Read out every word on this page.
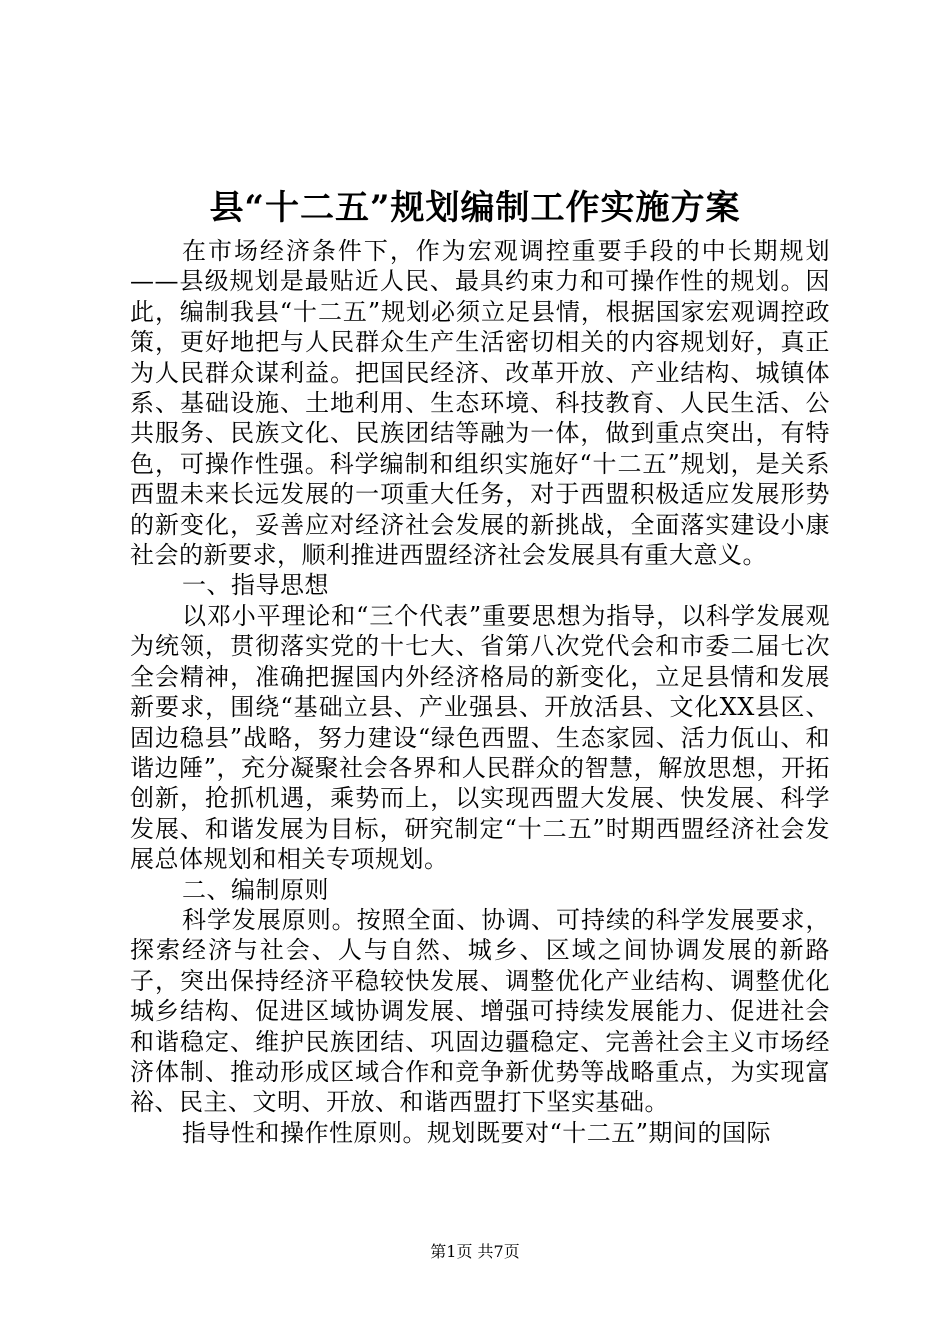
县“十二五”规划编制工作实施方案

在市场经济条件下，作为宏观调控重要手段的中长期规划——县级规划是最贴近人民、最具约束力和可操作性的规划。因此，编制我县“十二五”规划必须立足县情，根据国家宏观调控政策，更好地把与人民群众生产生活密切相关的内容规划好，真正为人民群众谋利益。把国民经济、改革开放、产业结构、城镇体系、基础设施、土地利用、生态环境、科技教育、人民生活、公共服务、民族文化、民族团结等融为一体，做到重点突出，有特色，可操作性强。科学编制和组织实施好“十二五”规划，是关系西盟未来长远发展的一项重大任务，对于西盟积极适应发展形势的新变化，妥善应对经济社会发展的新挑战，全面落实建设小康社会的新要求，顺利推进西盟经济社会发展具有重大意义。

一、指导思想

以邓小平理论和“三个代表”重要思想为指导，以科学发展观为统领，贯彻落实党的十七大、省第八次党代会和市委二届七次全会精神，准确把握国内外经济格局的新变化，立足县情和发展新要求，围绕“基础立县、产业强县、开放活县、文化XX县区、固边稳县”战略，努力建设“绿色西盟、生态家园、活力佤山、和谐边陲”，充分凝聚社会各界和人民群众的智慧，解放思想，开拓创新，抢抓机遇，乘势而上，以实现西盟大发展、快发展、科学发展、和谐发展为目标，研究制定“十二五”时期西盟经济社会发展总体规划和相关专项规划。

二、编制原则

科学发展原则。按照全面、协调、可持续的科学发展要求，探索经济与社会、人与自然、城乡、区域之间协调发展的新路子，突出保持经济平稳较快发展、调整优化产业结构、调整优化城乡结构、促进区域协调发展、增强可持续发展能力、促进社会和谐稳定、维护民族团结、巩固边疆稳定、完善社会主义市场经济体制、推动形成区域合作和竞争新优势等战略重点，为实现富裕、民主、文明、开放、和谐西盟打下坚实基础。

指导性和操作性原则。规划既要对“十二五”期间的国际

第1页 共7页
